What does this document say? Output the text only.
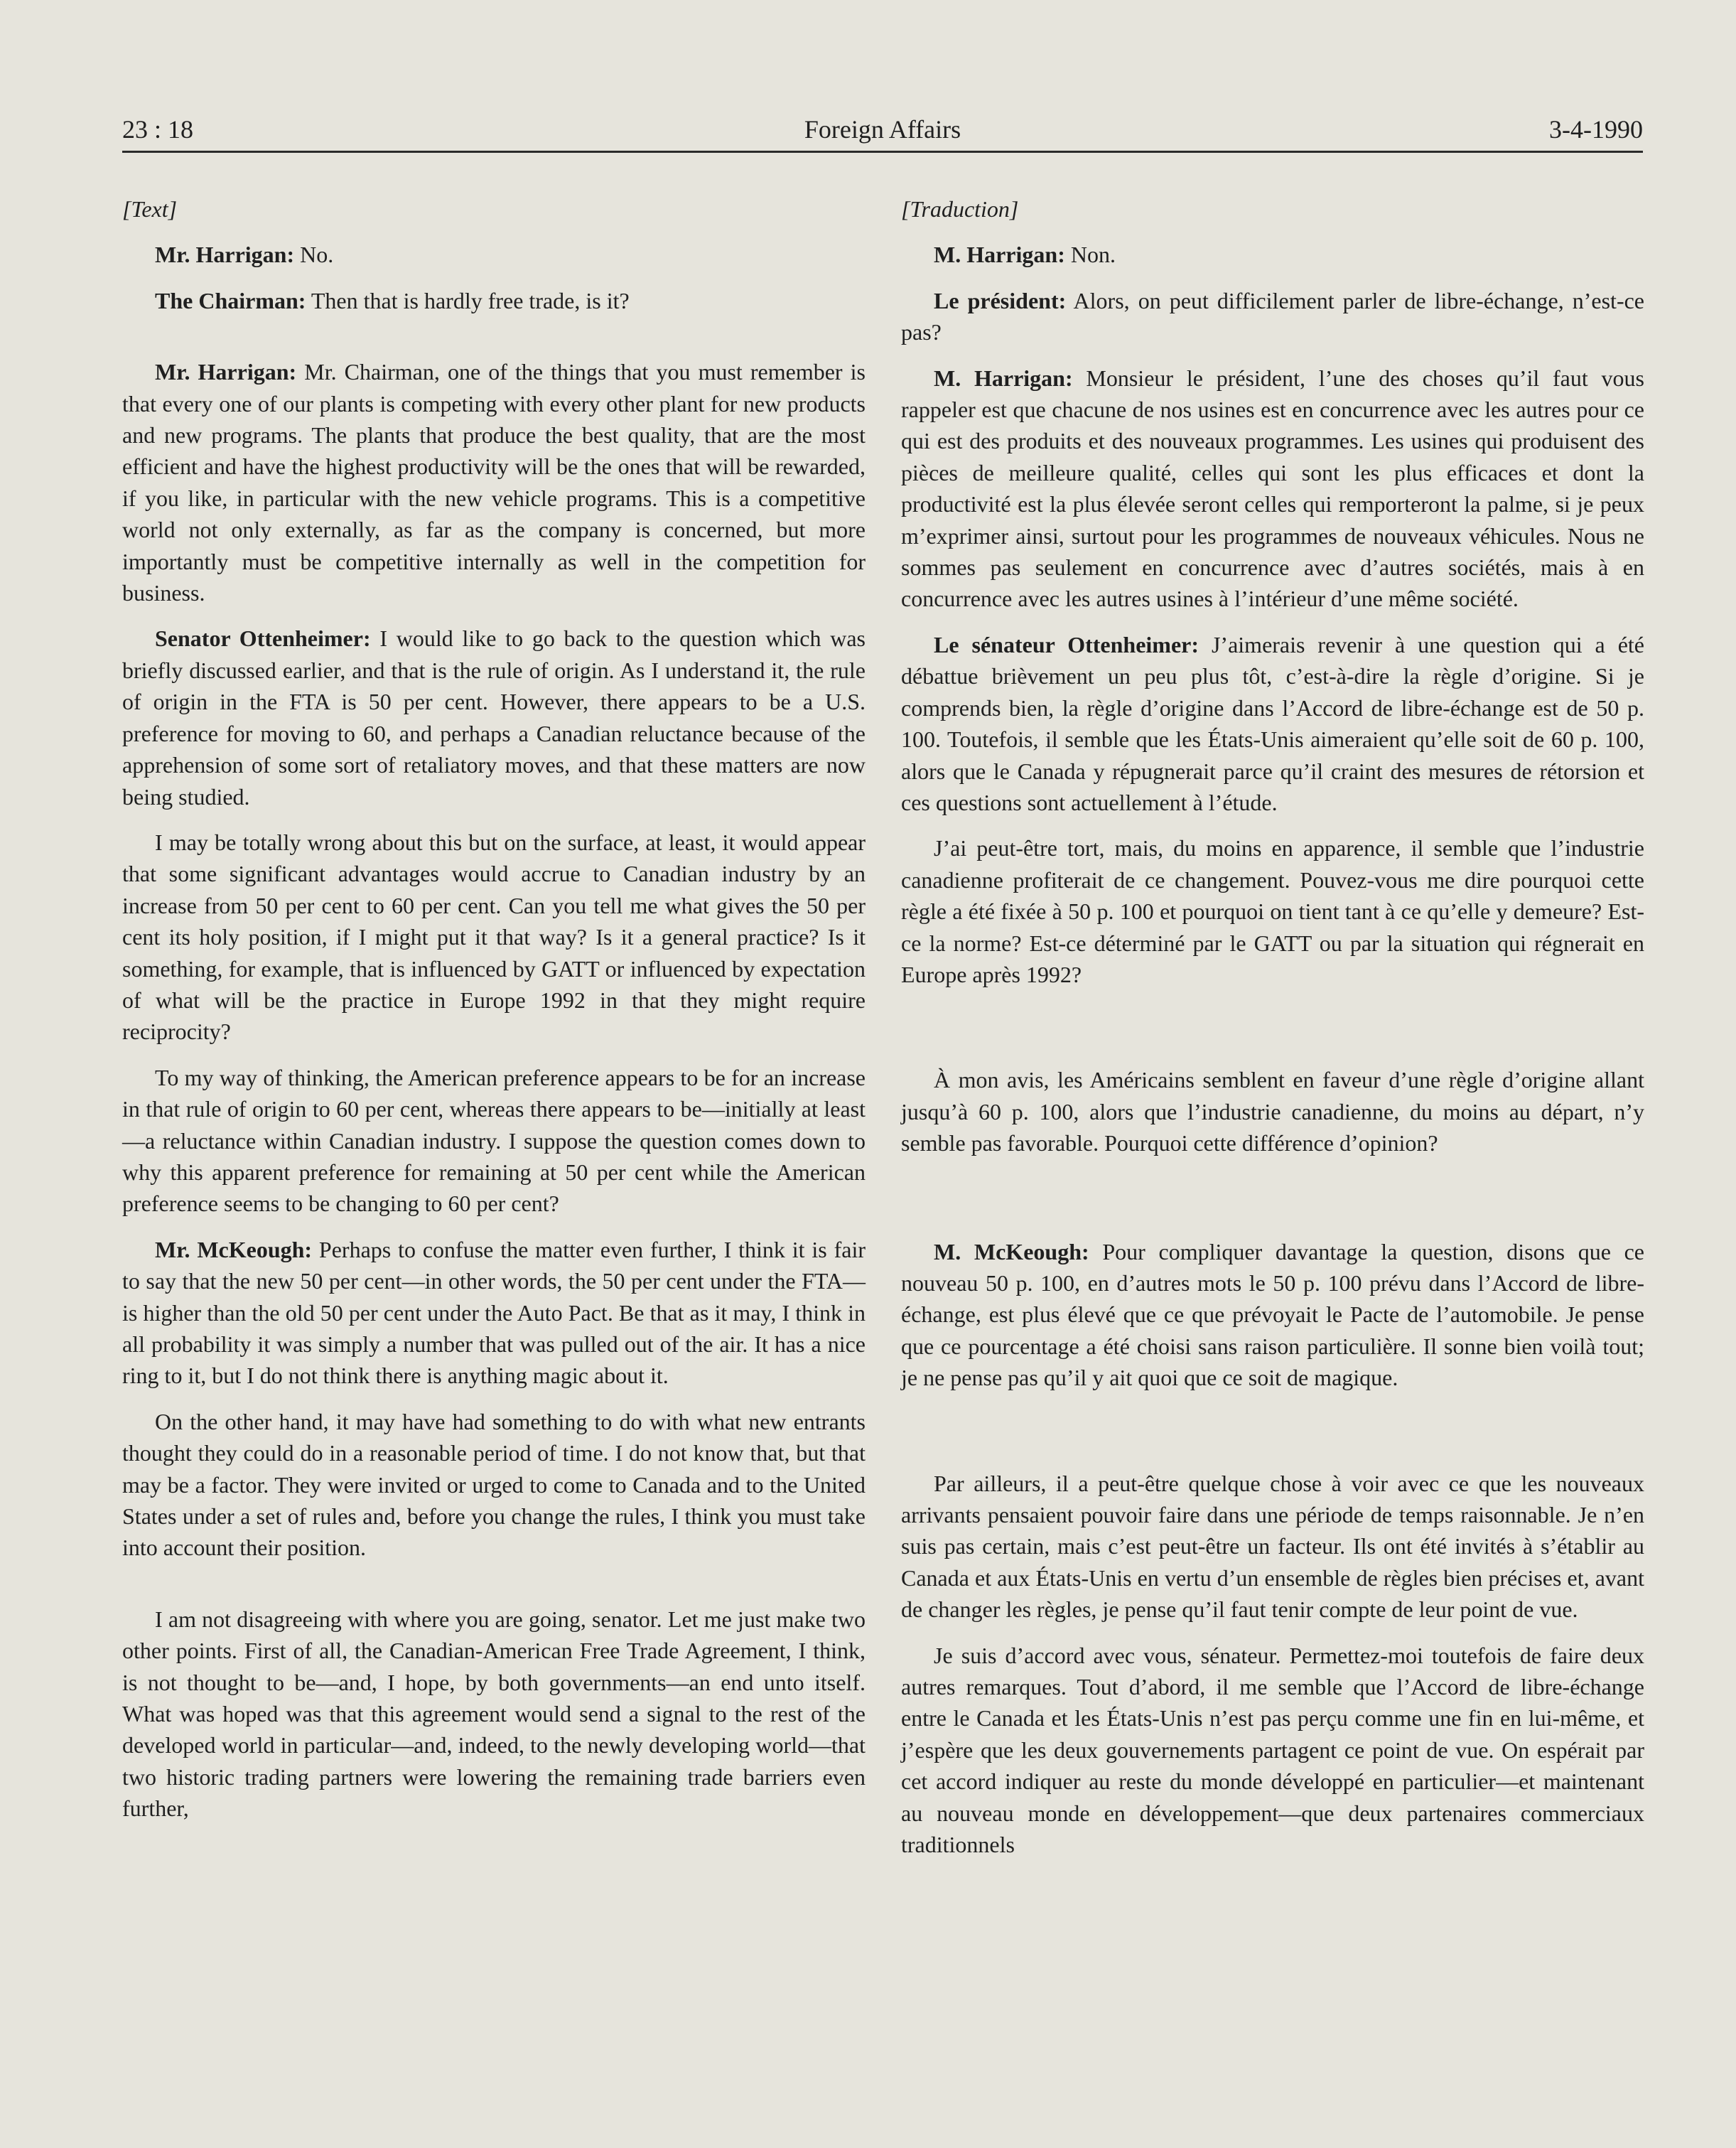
Foreign Affairs
23 : 18	3-4-1990

[Text]

Mr. Harrigan: No.

The Chairman: Then that is hardly free trade, is it?

Mr. Harrigan: Mr. Chairman, one of the things that you must remember is that every one of our plants is competing with every other plant for new products and new programs. The plants that produce the best quality, that are the most efficient and have the highest productivity will be the ones that will be rewarded, if you like, in particular with the new vehicle programs. This is a competitive world not only externally, as far as the company is concerned, but more importantly must be competitive internally as well in the competition for business.

Senator Ottenheimer: I would like to go back to the question which was briefly discussed earlier, and that is the rule of origin. As I understand it, the rule of origin in the FTA is 50 per cent. However, there appears to be a U.S. preference for moving to 60, and perhaps a Canadian reluctance because of the apprehension of some sort of retaliatory moves, and that these matters are now being studied.

I may be totally wrong about this but on the surface, at least, it would appear that some significant advantages would accrue to Canadian industry by an increase from 50 per cent to 60 per cent. Can you tell me what gives the 50 per cent its holy position, if I might put it that way? Is it a general practice? Is it something, for example, that is influenced by GATT or influenced by expectation of what will be the practice in Europe 1992 in that they might require reciprocity?

To my way of thinking, the American preference appears to be for an increase in that rule of origin to 60 per cent, whereas there appears to be—initially at least—a reluctance within Canadian industry. I suppose the question comes down to why this apparent preference for remaining at 50 per cent while the American preference seems to be changing to 60 per cent?

Mr. McKeough: Perhaps to confuse the matter even further, I think it is fair to say that the new 50 per cent—in other words, the 50 per cent under the FTA—is higher than the old 50 per cent under the Auto Pact. Be that as it may, I think in all probability it was simply a number that was pulled out of the air. It has a nice ring to it, but I do not think there is anything magic about it.

On the other hand, it may have had something to do with what new entrants thought they could do in a reasonable period of time. I do not know that, but that may be a factor. They were invited or urged to come to Canada and to the United States under a set of rules and, before you change the rules, I think you must take into account their position.

I am not disagreeing with where you are going, senator. Let me just make two other points. First of all, the Canadian-American Free Trade Agreement, I think, is not thought to be—and, I hope, by both governments—an end unto itself. What was hoped was that this agreement would send a signal to the rest of the developed world in particular—and, indeed, to the newly developing world—that two historic trading partners were lowering the remaining trade barriers even further,

[Traduction]

M. Harrigan: Non.

Le président: Alors, on peut difficilement parler de libre-échange, n’est-ce pas?

M. Harrigan: Monsieur le président, l’une des choses qu’il faut vous rappeler est que chacune de nos usines est en concurrence avec les autres pour ce qui est des produits et des nouveaux programmes. Les usines qui produisent des pièces de meilleure qualité, celles qui sont les plus efficaces et dont la productivité est la plus élevée seront celles qui remporteront la palme, si je peux m’exprimer ainsi, surtout pour les programmes de nouveaux véhicules. Nous ne sommes pas seulement en concurrence avec d’autres sociétés, mais à en concurrence avec les autres usines à l’intérieur d’une même société.

Le sénateur Ottenheimer: J’aimerais revenir à une question qui a été débattue brièvement un peu plus tôt, c’est-à-dire la règle d’origine. Si je comprends bien, la règle d’origine dans l’Accord de libre-échange est de 50 p. 100. Toutefois, il semble que les États-Unis aimeraient qu’elle soit de 60 p. 100, alors que le Canada y répugnerait parce qu’il craint des mesures de rétorsion et ces questions sont actuellement à l’étude.

J’ai peut-être tort, mais, du moins en apparence, il semble que l’industrie canadienne profiterait de ce changement. Pouvez-vous me dire pourquoi cette règle a été fixée à 50 p. 100 et pourquoi on tient tant à ce qu’elle y demeure? Est-ce la norme? Est-ce déterminé par le GATT ou par la situation qui régnerait en Europe après 1992?

À mon avis, les Américains semblent en faveur d’une règle d’origine allant jusqu’à 60 p. 100, alors que l’industrie canadienne, du moins au départ, n’y semble pas favorable. Pourquoi cette différence d’opinion?

M. McKeough: Pour compliquer davantage la question, disons que ce nouveau 50 p. 100, en d’autres mots le 50 p. 100 prévu dans l’Accord de libre-échange, est plus élevé que ce que prévoyait le Pacte de l’automobile. Je pense que ce pourcentage a été choisi sans raison particulière. Il sonne bien voilà tout; je ne pense pas qu’il y ait quoi que ce soit de magique.

Par ailleurs, il a peut-être quelque chose à voir avec ce que les nouveaux arrivants pensaient pouvoir faire dans une période de temps raisonnable. Je n’en suis pas certain, mais c’est peut-être un facteur. Ils ont été invités à s’établir au Canada et aux États-Unis en vertu d’un ensemble de règles bien précises et, avant de changer les règles, je pense qu’il faut tenir compte de leur point de vue.

Je suis d’accord avec vous, sénateur. Permettez-moi toutefois de faire deux autres remarques. Tout d’abord, il me semble que l’Accord de libre-échange entre le Canada et les États-Unis n’est pas perçu comme une fin en lui-même, et j’espère que les deux gouvernements partagent ce point de vue. On espérait par cet accord indiquer au reste du monde développé en particulier—et maintenant au nouveau monde en développement—que deux partenaires commerciaux traditionnels
